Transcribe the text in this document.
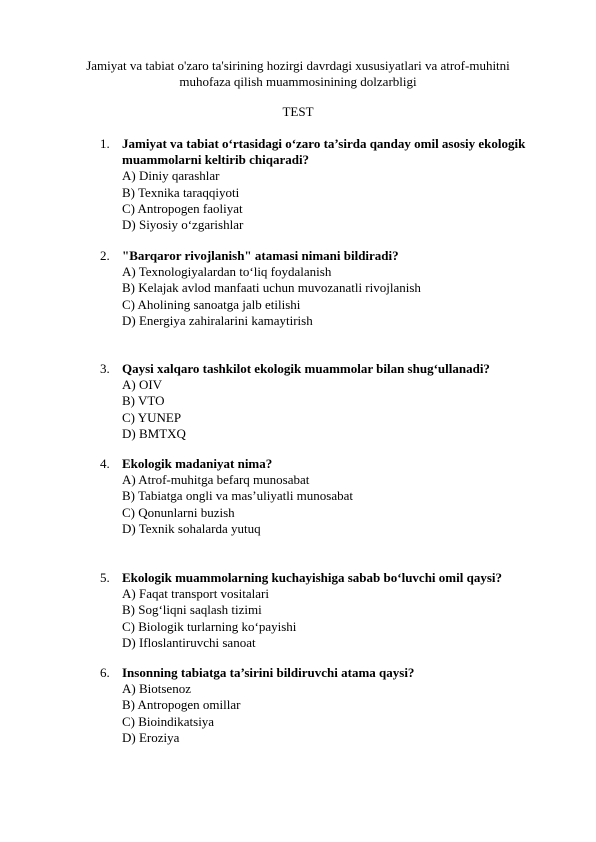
Jamiyat va tabiat o'zaro ta'sirining hozirgi davrdagi xususiyatlari va atrof-muhitni
muhofaza qilish muammosinining dolzarbligi
TEST
1. Jamiyat va tabiat o‘rtasidagi o‘zaro ta’sirda qanday omil asosiy ekologik muammolarni keltirib chiqaradi?
A) Diniy qarashlar
B) Texnika taraqqiyoti
C) Antropogen faoliyat
D) Siyosiy o‘zgarishlar
2. "Barqaror rivojlanish" atamasi nimani bildiradi?
A) Texnologiyalardan to‘liq foydalanish
B) Kelajak avlod manfaati uchun muvozanatli rivojlanish
C) Aholining sanoatga jalb etilishi
D) Energiya zahiralarini kamaytirish
3. Qaysi xalqaro tashkilot ekologik muammolar bilan shug‘ullanadi?
A) OIV
B) VTO
C) YUNEP
D) BMTXQ
4. Ekologik madaniyat nima?
A) Atrof-muhitga befarq munosabat
B) Tabiatga ongli va mas’uliyatli munosabat
C) Qonunlarni buzish
D) Texnik sohalarda yutuq
5. Ekologik muammolarning kuchayishiga sabab bo‘luvchi omil qaysi?
A) Faqat transport vositalari
B) Sog‘liqni saqlash tizimi
C) Biologik turlarning ko‘payishi
D) Ifloslantiruvchi sanoat
6. Insonning tabiatga ta’sirini bildiruvchi atama qaysi?
A) Biotsenoz
B) Antropogen omillar
C) Bioindikatsiya
D) Eroziya
